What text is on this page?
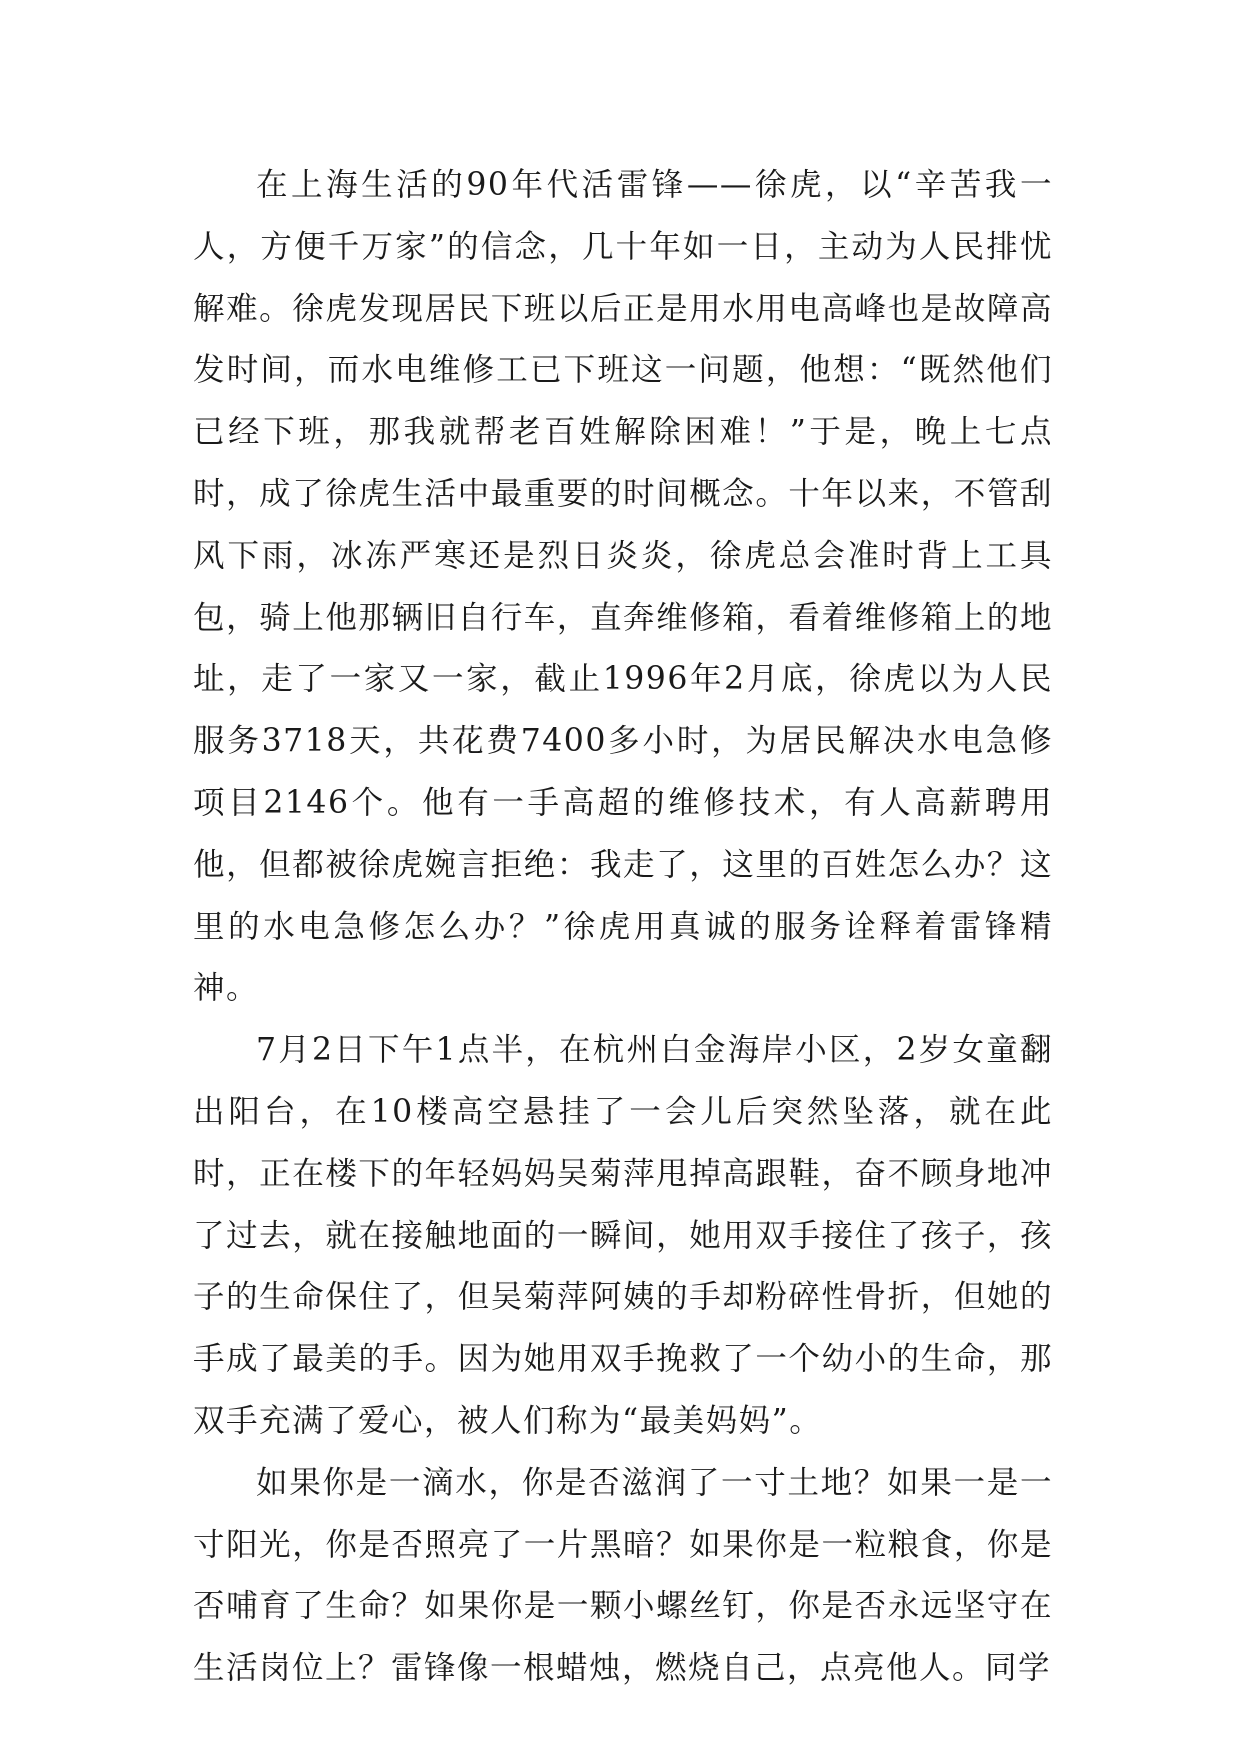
在上海生活的90年代活雷锋——徐虎，以“辛苦我一人，方便千万家”的信念，几十年如一日，主动为人民排忧解难。徐虎发现居民下班以后正是用水用电高峰也是故障高发时间，而水电维修工已下班这一问题，他想：“既然他们已经下班，那我就帮老百姓解除困难！”于是，晚上七点时，成了徐虎生活中最重要的时间概念。十年以来，不管刮风下雨，冰冻严寒还是烈日炎炎，徐虎总会准时背上工具包，骑上他那辆旧自行车，直奔维修箱，看着维修箱上的地址，走了一家又一家，截止1996年2月底，徐虎以为人民服务3718天，共花费7400多小时，为居民解决水电急修项目2146个。他有一手高超的维修技术，有人高薪聘用他，但都被徐虎婉言拒绝：我走了，这里的百姓怎么办？这里的水电急修怎么办？”徐虎用真诚的服务诠释着雷锋精神。

7月2日下午1点半，在杭州白金海岸小区，2岁女童翻出阳台，在10楼高空悬挂了一会儿后突然坠落，就在此时，正在楼下的年轻妈妈吴菊萍甩掉高跟鞋，奋不顾身地冲了过去，就在接触地面的一瞬间，她用双手接住了孩子，孩子的生命保住了，但吴菊萍阿姨的手却粉碎性骨折，但她的手成了最美的手。因为她用双手挽救了一个幼小的生命，那双手充满了爱心，被人们称为“最美妈妈”。

如果你是一滴水，你是否滋润了一寸土地？如果一是一寸阳光，你是否照亮了一片黑暗？如果你是一粒粮食，你是否哺育了生命？如果你是一颗小螺丝钉，你是否永远坚守在生活岗位上？雷锋像一根蜡烛，燃烧自己，点亮他人。同学
